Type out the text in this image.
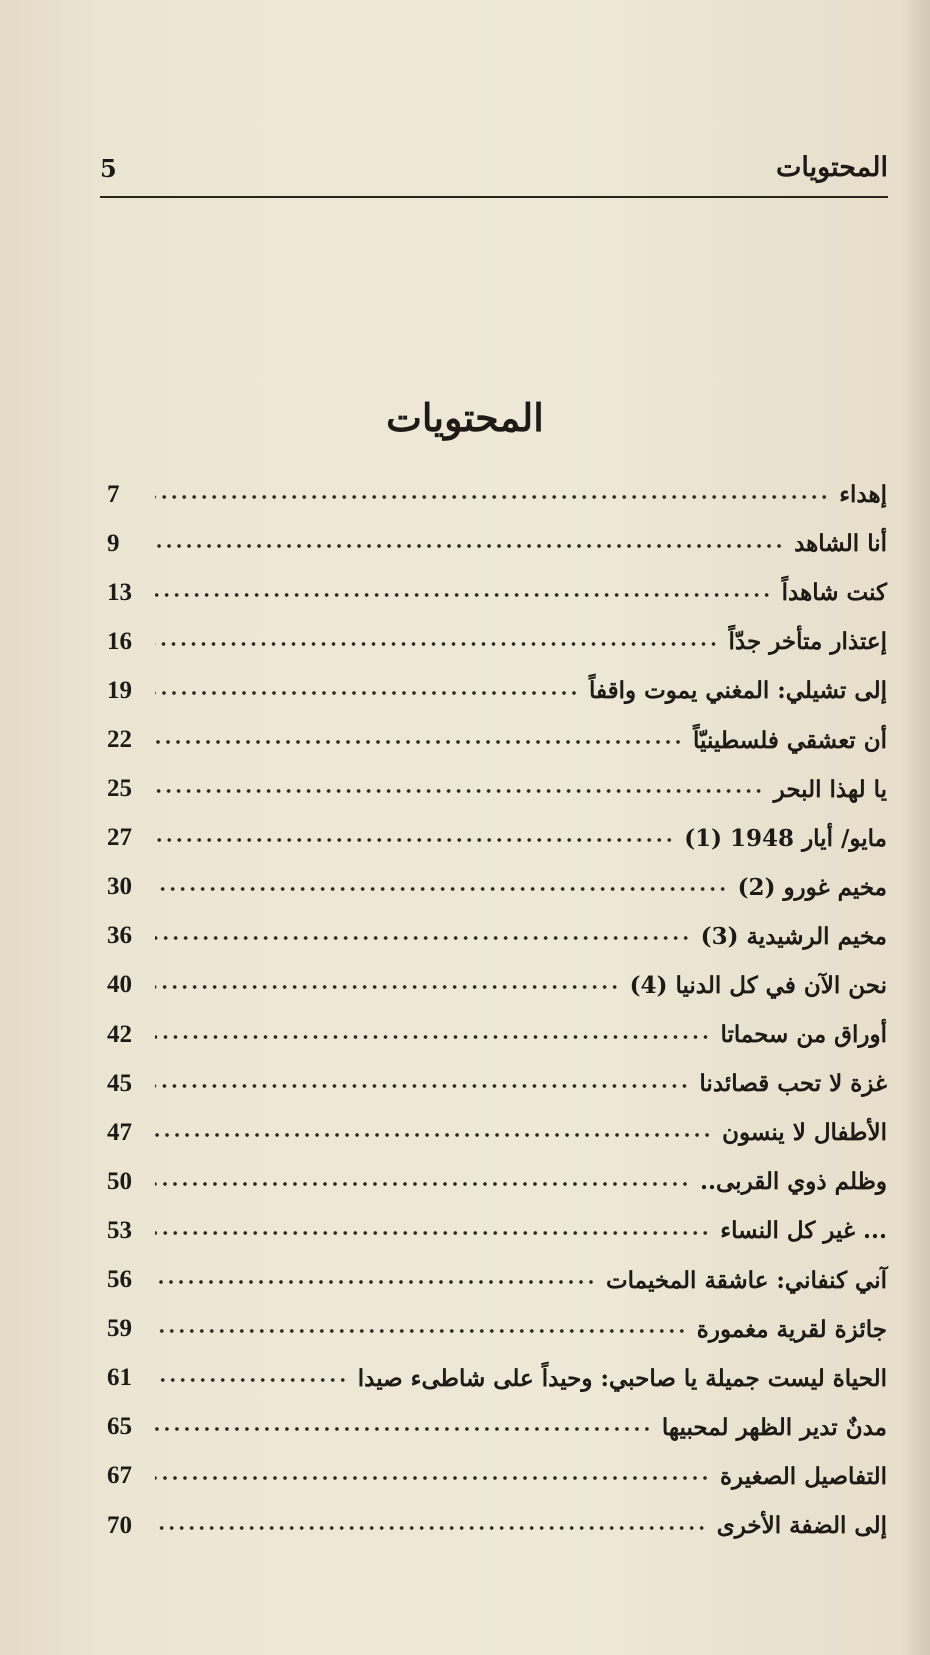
المحتويات
5
المحتويات
إهداء
7
أنا الشاهد
9
كنت شاهداً
13
إعتذار متأخر جدّاً
16
إلى تشيلي: المغني يموت واقفاً
19
أن تعشقي فلسطينيّاً
22
يا لهذا البحر
25
مايو/ أيار 1948 (1)
27
مخيم غورو (2)
30
مخيم الرشيدية (3)
36
نحن الآن في كل الدنيا (4)
40
أوراق من سحماتا
42
غزة لا تحب قصائدنا
45
الأطفال لا ينسون
47
وظلم ذوي القربى..
50
... غير كل النساء
53
آني كنفاني: عاشقة المخيمات
56
جائزة لقرية مغمورة
59
الحياة ليست جميلة يا صاحبي: وحيداً على شاطىء صيدا
61
مدنٌ تدير الظهر لمحبيها
65
التفاصيل الصغيرة
67
إلى الضفة الأخرى
70
